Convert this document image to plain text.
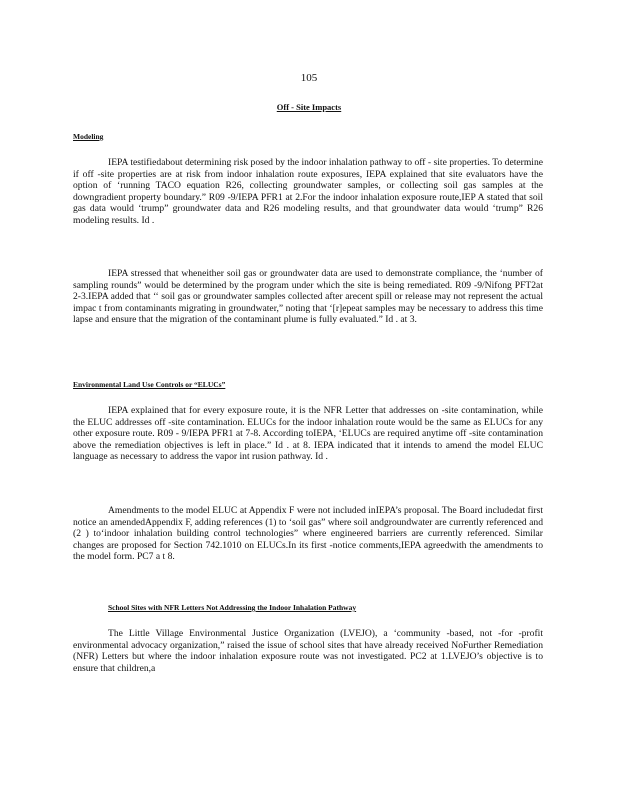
105
Off - Site Impacts
Modeling

IEPA testifiedabout determining risk posed by the indoor inhalation pathway to off - site properties. To determine if off -site properties are at risk from indoor inhalation route exposures, IEPA explained that site evaluators have the option of ‘running TACO equation R26, collecting groundwater samples, or collecting soil gas samples at the downgradient property boundary.” R09 -9/IEPA PFR1 at 2.For the indoor inhalation exposure route,IEP A stated that soil gas data would ‘trump” groundwater data and R26 modeling results, and that groundwater data would ‘trump” R26 modeling results. Id .

IEPA stressed that wheneither soil gas or groundwater data are used to demonstrate compliance, the ‘number of sampling rounds” would be determined by the program under which the site is being remediated. R09 -9/Nifong PFT2at 2-3.IEPA added that ‘‘ soil gas or groundwater samples collected after arecent spill or release may not represent the actual impac t from contaminants migrating in groundwater,” noting that ‘[r]epeat samples may be necessary to address this time lapse and ensure that the migration of the contaminant plume is fully evaluated.” Id . at 3.

Environmental Land Use Controls or “ELUCs”

IEPA explained that for every exposure route, it is the NFR Letter that addresses on -site contamination, while the ELUC addresses off -site contamination. ELUCs for the indoor inhalation route would be the same as ELUCs for any other exposure route. R09 - 9/IEPA PFR1 at 7-8. According toIEPA, ‘ELUCs are required anytime off -site contamination above the remediation objectives is left in place.” Id . at 8. IEPA indicated that it intends to amend the model ELUC language as necessary to address the vapor int rusion pathway. Id .

Amendments to the model ELUC at Appendix F were not included inIEPA’s proposal. The Board includedat first notice an amendedAppendix F, adding references (1) to ‘soil gas” where soil andgroundwater are currently referenced and (2 ) to‘indoor inhalation building control technologies” where engineered barriers are currently referenced. Similar changes are proposed for Section 742.1010 on ELUCs.In its first -notice comments,IEPA agreedwith the amendments to the model form. PC7 a t 8.

School Sites with NFR Letters Not Addressing the Indoor Inhalation Pathway

The Little Village Environmental Justice Organization (LVEJO), a ‘community -based, not -for -profit environmental advocacy organization,” raised the issue of school sites that have already received NoFurther Remediation (NFR) Letters but where the indoor inhalation exposure route was not investigated. PC2 at 1.LVEJO’s objective is to ensure that children,a
